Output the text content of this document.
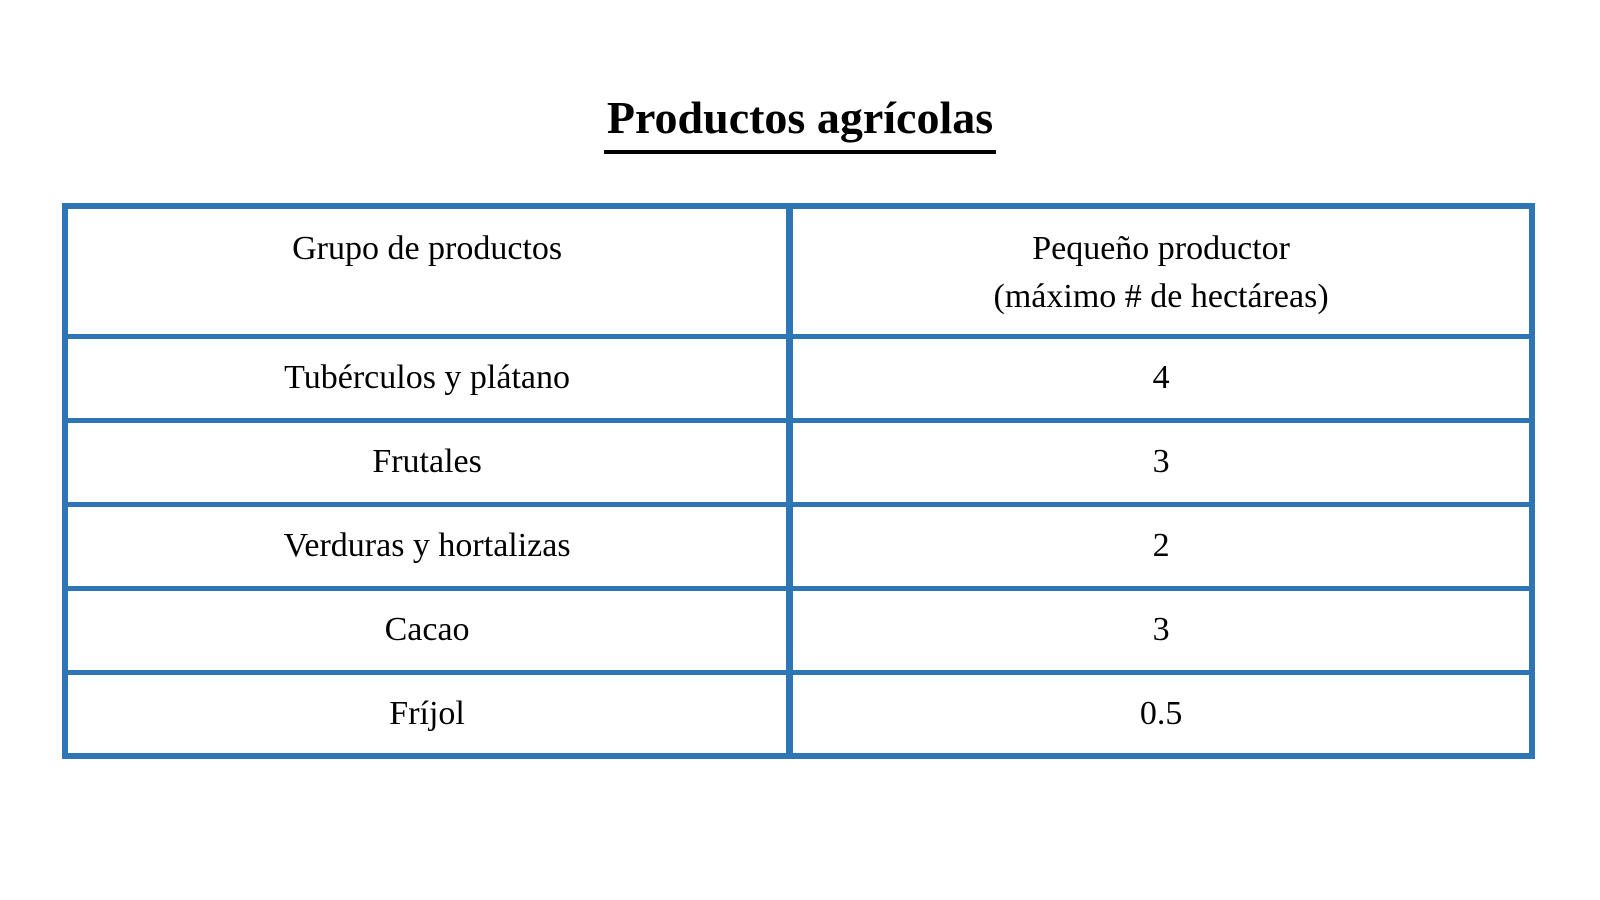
Productos agrícolas
Grupo de productos	Pequeño productor
(máximo # de hectáreas)

Tubérculos y plátano	4
Frutales	3
Verduras y hortalizas	2
Cacao	3
Fríjol	0.5
